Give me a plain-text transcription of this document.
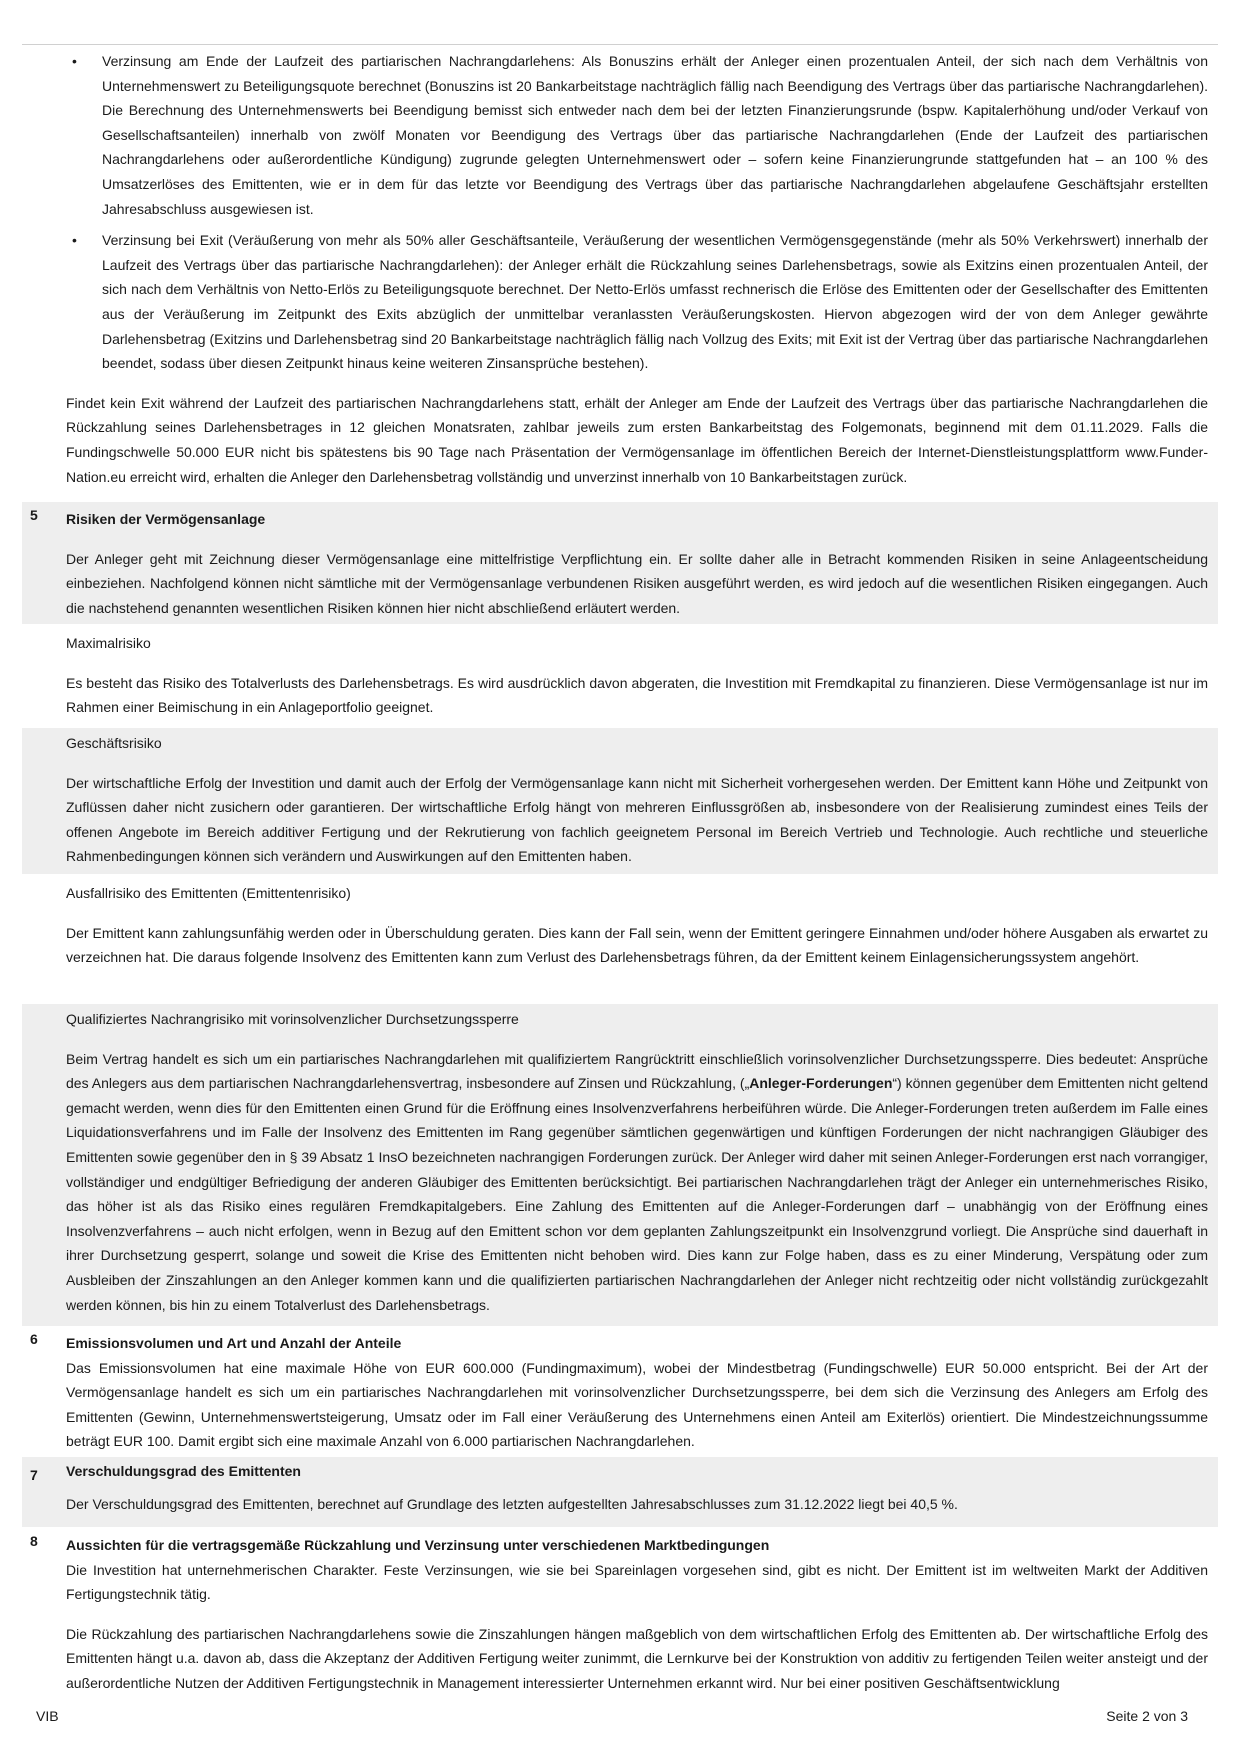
• Verzinsung am Ende der Laufzeit des partiarischen Nachrangdarlehens: Als Bonuszins erhält der Anleger einen prozentualen Anteil, der sich nach dem Verhältnis von Unternehmenswert zu Beteiligungsquote berechnet (Bonuszins ist 20 Bankarbeitstage nachträglich fällig nach Beendigung des Vertrags über das partiarische Nachrangdarlehen). Die Berechnung des Unternehmenswerts bei Beendigung bemisst sich entweder nach dem bei der letzten Finanzierungsrunde (bspw. Kapitalerhöhung und/oder Verkauf von Gesellschaftsanteilen) innerhalb von zwölf Monaten vor Beendigung des Vertrags über das partiarische Nachrangdarlehen (Ende der Laufzeit des partiarischen Nachrangdarlehens oder außerordentliche Kündigung) zugrunde gelegten Unternehmenswert oder – sofern keine Finanzierungrunde stattgefunden hat – an 100 % des Umsatzerlöses des Emittenten, wie er in dem für das letzte vor Beendigung des Vertrags über das partiarische Nachrangdarlehen abgelaufene Geschäftsjahr erstellten Jahresabschluss ausgewiesen ist.
• Verzinsung bei Exit (Veräußerung von mehr als 50% aller Geschäftsanteile, Veräußerung der wesentlichen Vermögensgegenstände (mehr als 50% Verkehrswert) innerhalb der Laufzeit des Vertrags über das partiarische Nachrangdarlehen): der Anleger erhält die Rückzahlung seines Darlehensbetrags, sowie als Exitzins einen prozentualen Anteil, der sich nach dem Verhältnis von Netto-Erlös zu Beteiligungsquote berechnet. Der Netto-Erlös umfasst rechnerisch die Erlöse des Emittenten oder der Gesellschafter des Emittenten aus der Veräußerung im Zeitpunkt des Exits abzüglich der unmittelbar veranlassten Veräußerungskosten. Hiervon abgezogen wird der von dem Anleger gewährte Darlehensbetrag (Exitzins und Darlehensbetrag sind 20 Bankarbeitstage nachträglich fällig nach Vollzug des Exits; mit Exit ist der Vertrag über das partiarische Nachrangdarlehen beendet, sodass über diesen Zeitpunkt hinaus keine weiteren Zinsansprüche bestehen).

Findet kein Exit während der Laufzeit des partiarischen Nachrangdarlehens statt, erhält der Anleger am Ende der Laufzeit des Vertrags über das partiarische Nachrangdarlehen die Rückzahlung seines Darlehensbetrages in 12 gleichen Monatsraten, zahlbar jeweils zum ersten Bankarbeitstag des Folgemonats, beginnend mit dem 01.11.2029. Falls die Fundingschwelle 50.000 EUR nicht bis spätestens bis 90 Tage nach Präsentation der Vermögensanlage im öffentlichen Bereich der Internet-Dienstleistungsplattform www.Funder-Nation.eu erreicht wird, erhalten die Anleger den Darlehensbetrag vollständig und unverzinst innerhalb von 10 Bankarbeitstagen zurück.

5 Risiken der Vermögensanlage

Der Anleger geht mit Zeichnung dieser Vermögensanlage eine mittelfristige Verpflichtung ein. Er sollte daher alle in Betracht kommenden Risiken in seine Anlageentscheidung einbeziehen. Nachfolgend können nicht sämtliche mit der Vermögensanlage verbundenen Risiken ausgeführt werden, es wird jedoch auf die wesentlichen Risiken eingegangen. Auch die nachstehend genannten wesentlichen Risiken können hier nicht abschließend erläutert werden.

Maximalrisiko

Es besteht das Risiko des Totalverlusts des Darlehensbetrags. Es wird ausdrücklich davon abgeraten, die Investition mit Fremdkapital zu finanzieren. Diese Vermögensanlage ist nur im Rahmen einer Beimischung in ein Anlageportfolio geeignet.

Geschäftsrisiko

Der wirtschaftliche Erfolg der Investition und damit auch der Erfolg der Vermögensanlage kann nicht mit Sicherheit vorhergesehen werden. Der Emittent kann Höhe und Zeitpunkt von Zuflüssen daher nicht zusichern oder garantieren. Der wirtschaftliche Erfolg hängt von mehreren Einflussgrößen ab, insbesondere von der Realisierung zumindest eines Teils der offenen Angebote im Bereich additiver Fertigung und der Rekrutierung von fachlich geeignetem Personal im Bereich Vertrieb und Technologie. Auch rechtliche und steuerliche Rahmenbedingungen können sich verändern und Auswirkungen auf den Emittenten haben.

Ausfallrisiko des Emittenten (Emittentenrisiko)

Der Emittent kann zahlungsunfähig werden oder in Überschuldung geraten. Dies kann der Fall sein, wenn der Emittent geringere Einnahmen und/oder höhere Ausgaben als erwartet zu verzeichnen hat. Die daraus folgende Insolvenz des Emittenten kann zum Verlust des Darlehensbetrags führen, da der Emittent keinem Einlagensicherungssystem angehört.

Qualifiziertes Nachrangrisiko mit vorinsolvenzlicher Durchsetzungssperre

Beim Vertrag handelt es sich um ein partiarisches Nachrangdarlehen mit qualifiziertem Rangrücktritt einschließlich vorinsolvenzlicher Durchsetzungssperre. Dies bedeutet: Ansprüche des Anlegers aus dem partiarischen Nachrangdarlehensvertrag, insbesondere auf Zinsen und Rückzahlung, („Anleger-Forderungen“) können gegenüber dem Emittenten nicht geltend gemacht werden, wenn dies für den Emittenten einen Grund für die Eröffnung eines Insolvenzverfahrens herbeiführen würde. Die Anleger-Forderungen treten außerdem im Falle eines Liquidationsverfahrens und im Falle der Insolvenz des Emittenten im Rang gegenüber sämtlichen gegenwärtigen und künftigen Forderungen der nicht nachrangigen Gläubiger des Emittenten sowie gegenüber den in § 39 Absatz 1 InsO bezeichneten nachrangigen Forderungen zurück. Der Anleger wird daher mit seinen Anleger-Forderungen erst nach vorrangiger, vollständiger und endgültiger Befriedigung der anderen Gläubiger des Emittenten berücksichtigt. Bei partiarischen Nachrangdarlehen trägt der Anleger ein unternehmerisches Risiko, das höher ist als das Risiko eines regulären Fremdkapitalgebers. Eine Zahlung des Emittenten auf die Anleger-Forderungen darf – unabhängig von der Eröffnung eines Insolvenzverfahrens – auch nicht erfolgen, wenn in Bezug auf den Emittent schon vor dem geplanten Zahlungszeitpunkt ein Insolvenzgrund vorliegt. Die Ansprüche sind dauerhaft in ihrer Durchsetzung gesperrt, solange und soweit die Krise des Emittenten nicht behoben wird. Dies kann zur Folge haben, dass es zu einer Minderung, Verspätung oder zum Ausbleiben der Zinszahlungen an den Anleger kommen kann und die qualifizierten partiarischen Nachrangdarlehen der Anleger nicht rechtzeitig oder nicht vollständig zurückgezahlt werden können, bis hin zu einem Totalverlust des Darlehensbetrags.

6 Emissionsvolumen und Art und Anzahl der Anteile

Das Emissionsvolumen hat eine maximale Höhe von EUR 600.000 (Fundingmaximum), wobei der Mindestbetrag (Fundingschwelle) EUR 50.000 entspricht. Bei der Art der Vermögensanlage handelt es sich um ein partiarisches Nachrangdarlehen mit vorinsolvenzlicher Durchsetzungssperre, bei dem sich die Verzinsung des Anlegers am Erfolg des Emittenten (Gewinn, Unternehmenswertsteigerung, Umsatz oder im Fall einer Veräußerung des Unternehmens einen Anteil am Exiterlös) orientiert. Die Mindestzeichnungssumme beträgt EUR 100. Damit ergibt sich eine maximale Anzahl von 6.000 partiarischen Nachrangdarlehen.

7 Verschuldungsgrad des Emittenten

Der Verschuldungsgrad des Emittenten, berechnet auf Grundlage des letzten aufgestellten Jahresabschlusses zum 31.12.2022 liegt bei 40,5 %.

8 Aussichten für die vertragsgemäße Rückzahlung und Verzinsung unter verschiedenen Marktbedingungen

Die Investition hat unternehmerischen Charakter. Feste Verzinsungen, wie sie bei Spareinlagen vorgesehen sind, gibt es nicht. Der Emittent ist im weltweiten Markt der Additiven Fertigungstechnik tätig.

Die Rückzahlung des partiarischen Nachrangdarlehens sowie die Zinszahlungen hängen maßgeblich von dem wirtschaftlichen Erfolg des Emittenten ab. Der wirtschaftliche Erfolg des Emittenten hängt u.a. davon ab, dass die Akzeptanz der Additiven Fertigung weiter zunimmt, die Lernkurve bei der Konstruktion von additiv zu fertigenden Teilen weiter ansteigt und der außerordentliche Nutzen der Additiven Fertigungstechnik in Management interessierter Unternehmen erkannt wird. Nur bei einer positiven Geschäftsentwicklung

VIB	Seite 2 von 3
